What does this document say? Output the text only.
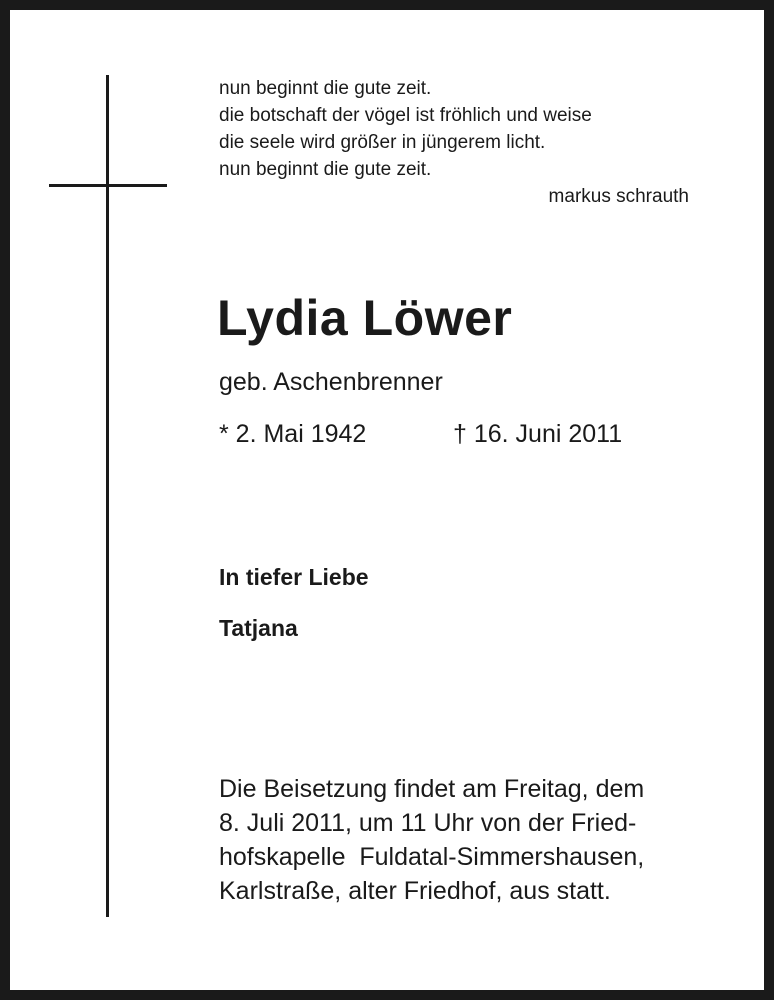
nun beginnt die gute zeit.
die botschaft der vögel ist fröhlich und weise
die seele wird größer in jüngerem licht.
nun beginnt die gute zeit.
markus schrauth
Lydia Löwer
geb. Aschenbrenner
* 2. Mai 1942	† 16. Juni 2011
In tiefer Liebe
Tatjana
Die Beisetzung findet am Freitag, dem
8. Juli 2011, um 11 Uhr von der Fried-
hofskapelle  Fuldatal-Simmershausen,
Karlstraße, alter Friedhof, aus statt.
